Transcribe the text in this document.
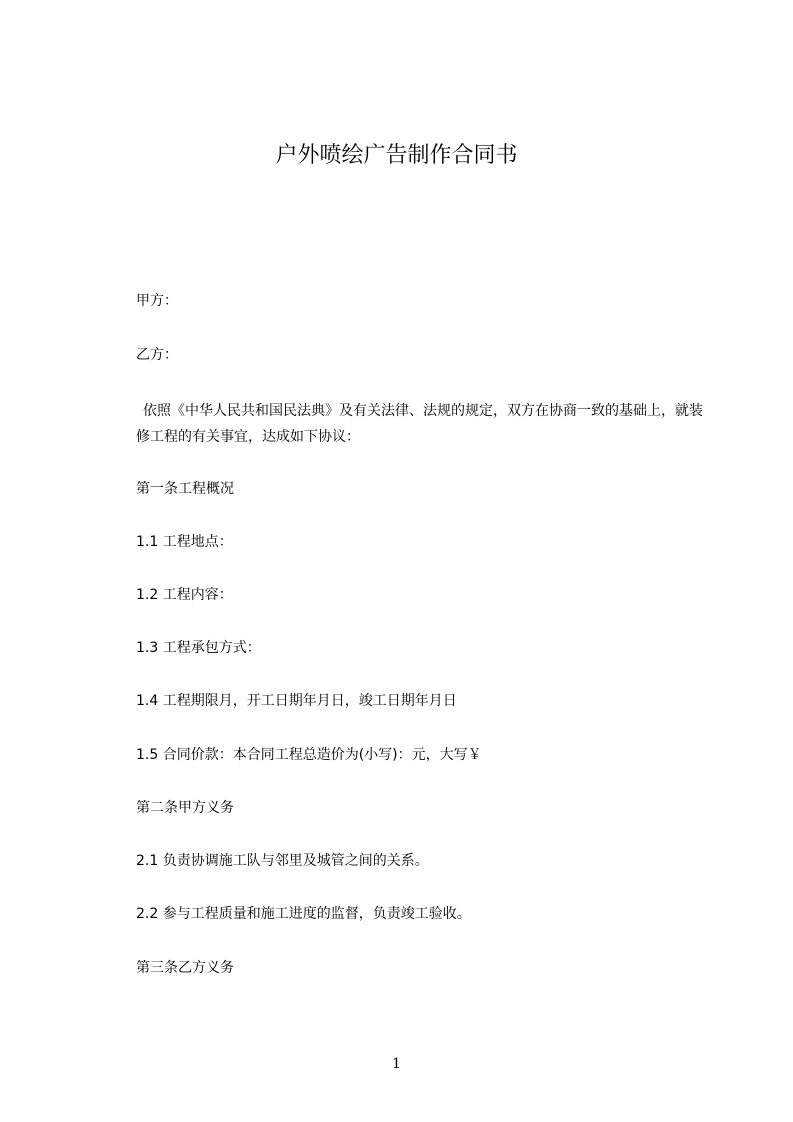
户外喷绘广告制作合同书
甲方：
乙方：
依照《中华人民共和国民法典》及有关法律、法规的规定，双方在协商一致的基础上，就装修工程的有关事宜，达成如下协议：
第一条工程概况
1.1 工程地点：
1.2 工程内容：
1.3 工程承包方式：
1.4 工程期限月，开工日期年月日，竣工日期年月日
1.5 合同价款：本合同工程总造价为(小写)：元，大写￥
第二条甲方义务
2.1 负责协调施工队与邻里及城管之间的关系。
2.2 参与工程质量和施工进度的监督，负责竣工验收。
第三条乙方义务
1
